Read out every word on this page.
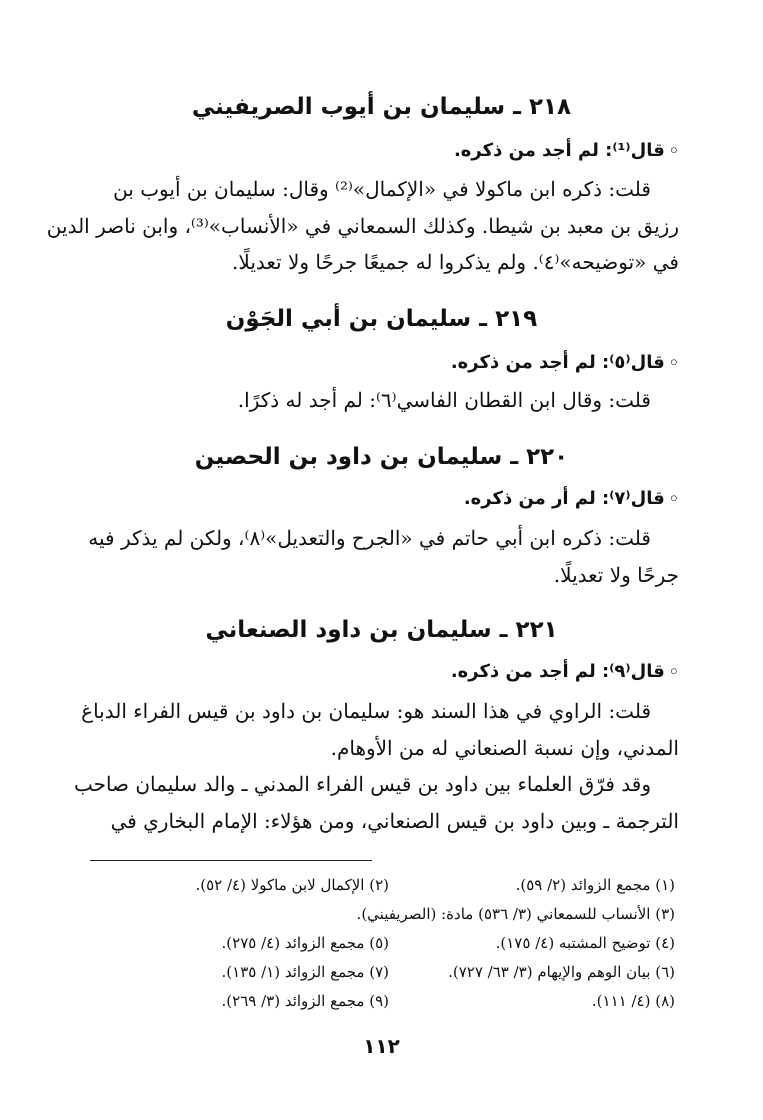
٢١٨ ـ سليمان بن أيوب الصريفيني
◦قال⁽¹⁾: لم أجد من ذكره.
قلت: ذكره ابن ماكولا في «الإكمال»⁽²⁾ وقال: سليمان بن أيوب بن
رزيق بن معبد بن شيطا. وكذلك السمعاني في «الأنساب»⁽³⁾، وابن ناصر الدين
في «توضيحه»⁽٤⁾. ولم يذكروا له جميعًا جرحًا ولا تعديلًا.
٢١٩ ـ سليمان بن أبي الجَوْن
◦قال⁽٥⁾: لم أجد من ذكره.
قلت: وقال ابن القطان الفاسي⁽٦⁾: لم أجد له ذكرًا.
٢٢٠ ـ سليمان بن داود بن الحصين
◦قال⁽٧⁾: لم أر من ذكره.
قلت: ذكره ابن أبي حاتم في «الجرح والتعديل»⁽٨⁾، ولكن لم يذكر فيه
جرحًا ولا تعديلًا.
٢٢١ ـ سليمان بن داود الصنعاني
◦قال⁽٩⁾: لم أجد من ذكره.
قلت: الراوي في هذا السند هو: سليمان بن داود بن قيس الفراء الدباغ
المدني، وإن نسبة الصنعاني له من الأوهام.
وقد فرّق العلماء بين داود بن قيس الفراء المدني ـ والد سليمان صاحب
الترجمة ـ وبين داود بن قيس الصنعاني، ومن هؤلاء: الإمام البخاري في
(١) مجمع الزوائد (٢/ ٥٩).
(٢) الإكمال لابن ماكولا (٤/ ٥٢).
(٣) الأنساب للسمعاني (٣/ ٥٣٦) مادة: (الصريفيني).
(٤) توضيح المشتبه (٤/ ١٧٥).
(٥) مجمع الزوائد (٤/ ٢٧٥).
(٦) بيان الوهم والإيهام (٣/ ٦٣/ ٧٢٧).
(٧) مجمع الزوائد (١/ ١٣٥).
(٨) (٤/ ١١١).
(٩) مجمع الزوائد (٣/ ٢٦٩).
١١٢
